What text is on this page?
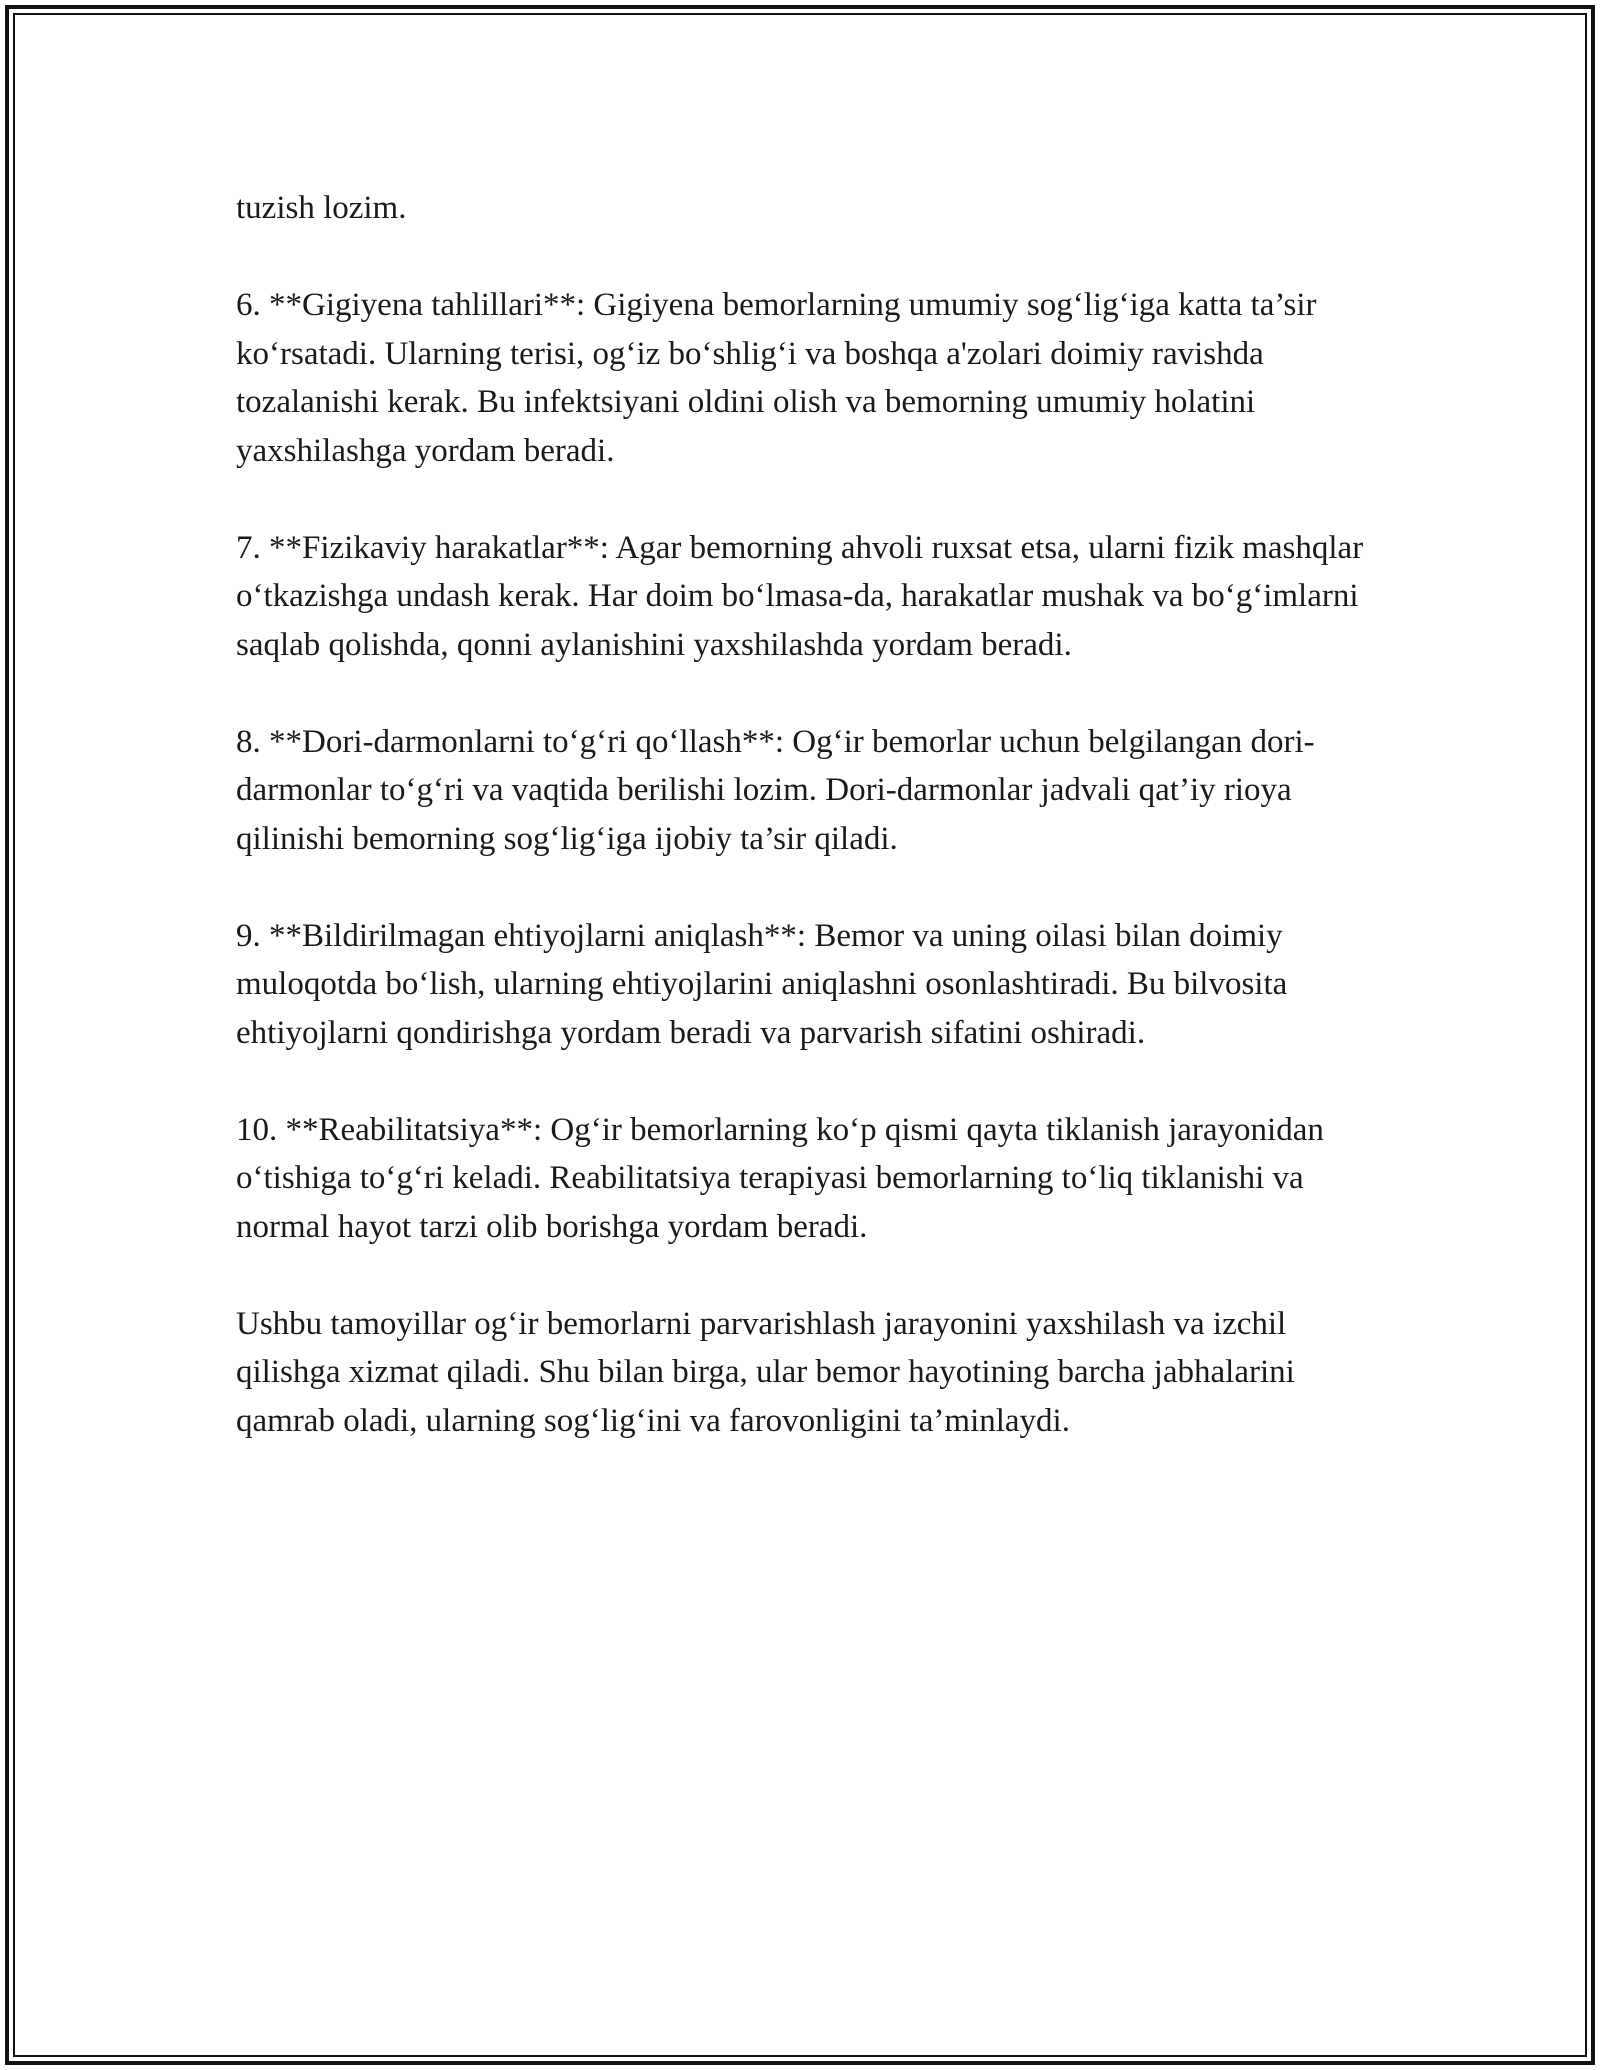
tuzish lozim.

6. **Gigiyena tahlillari**: Gigiyena bemorlarning umumiy sog‘lig‘iga katta ta’sir ko‘rsatadi. Ularning terisi, og‘iz bo‘shlig‘i va boshqa a'zolari doimiy ravishda tozalanishi kerak. Bu infektsiyani oldini olish va bemorning umumiy holatini yaxshilashga yordam beradi.

7. **Fizikaviy harakatlar**: Agar bemorning ahvoli ruxsat etsa, ularni fizik mashqlar o‘tkazishga undash kerak. Har doim bo‘lmasa-da, harakatlar mushak va bo‘g‘imlarni saqlab qolishda, qonni aylanishini yaxshilashda yordam beradi.

8. **Dori-darmonlarni to‘g‘ri qo‘llash**: Og‘ir bemorlar uchun belgilangan dori-darmonlar to‘g‘ri va vaqtida berilishi lozim. Dori-darmonlar jadvali qat’iy rioya qilinishi bemorning sog‘lig‘iga ijobiy ta’sir qiladi.

9. **Bildirilmagan ehtiyojlarni aniqlash**: Bemor va uning oilasi bilan doimiy muloqotda bo‘lish, ularning ehtiyojlarini aniqlashni osonlashtiradi. Bu bilvosita ehtiyojlarni qondirishga yordam beradi va parvarish sifatini oshiradi.

10. **Reabilitatsiya**: Og‘ir bemorlarning ko‘p qismi qayta tiklanish jarayonidan o‘tishiga to‘g‘ri keladi. Reabilitatsiya terapiyasi bemorlarning to‘liq tiklanishi va normal hayot tarzi olib borishga yordam beradi.

Ushbu tamoyillar og‘ir bemorlarni parvarishlash jarayonini yaxshilash va izchil qilishga xizmat qiladi. Shu bilan birga, ular bemor hayotining barcha jabhalarini qamrab oladi, ularning sog‘lig‘ini va farovonligini ta’minlaydi.
